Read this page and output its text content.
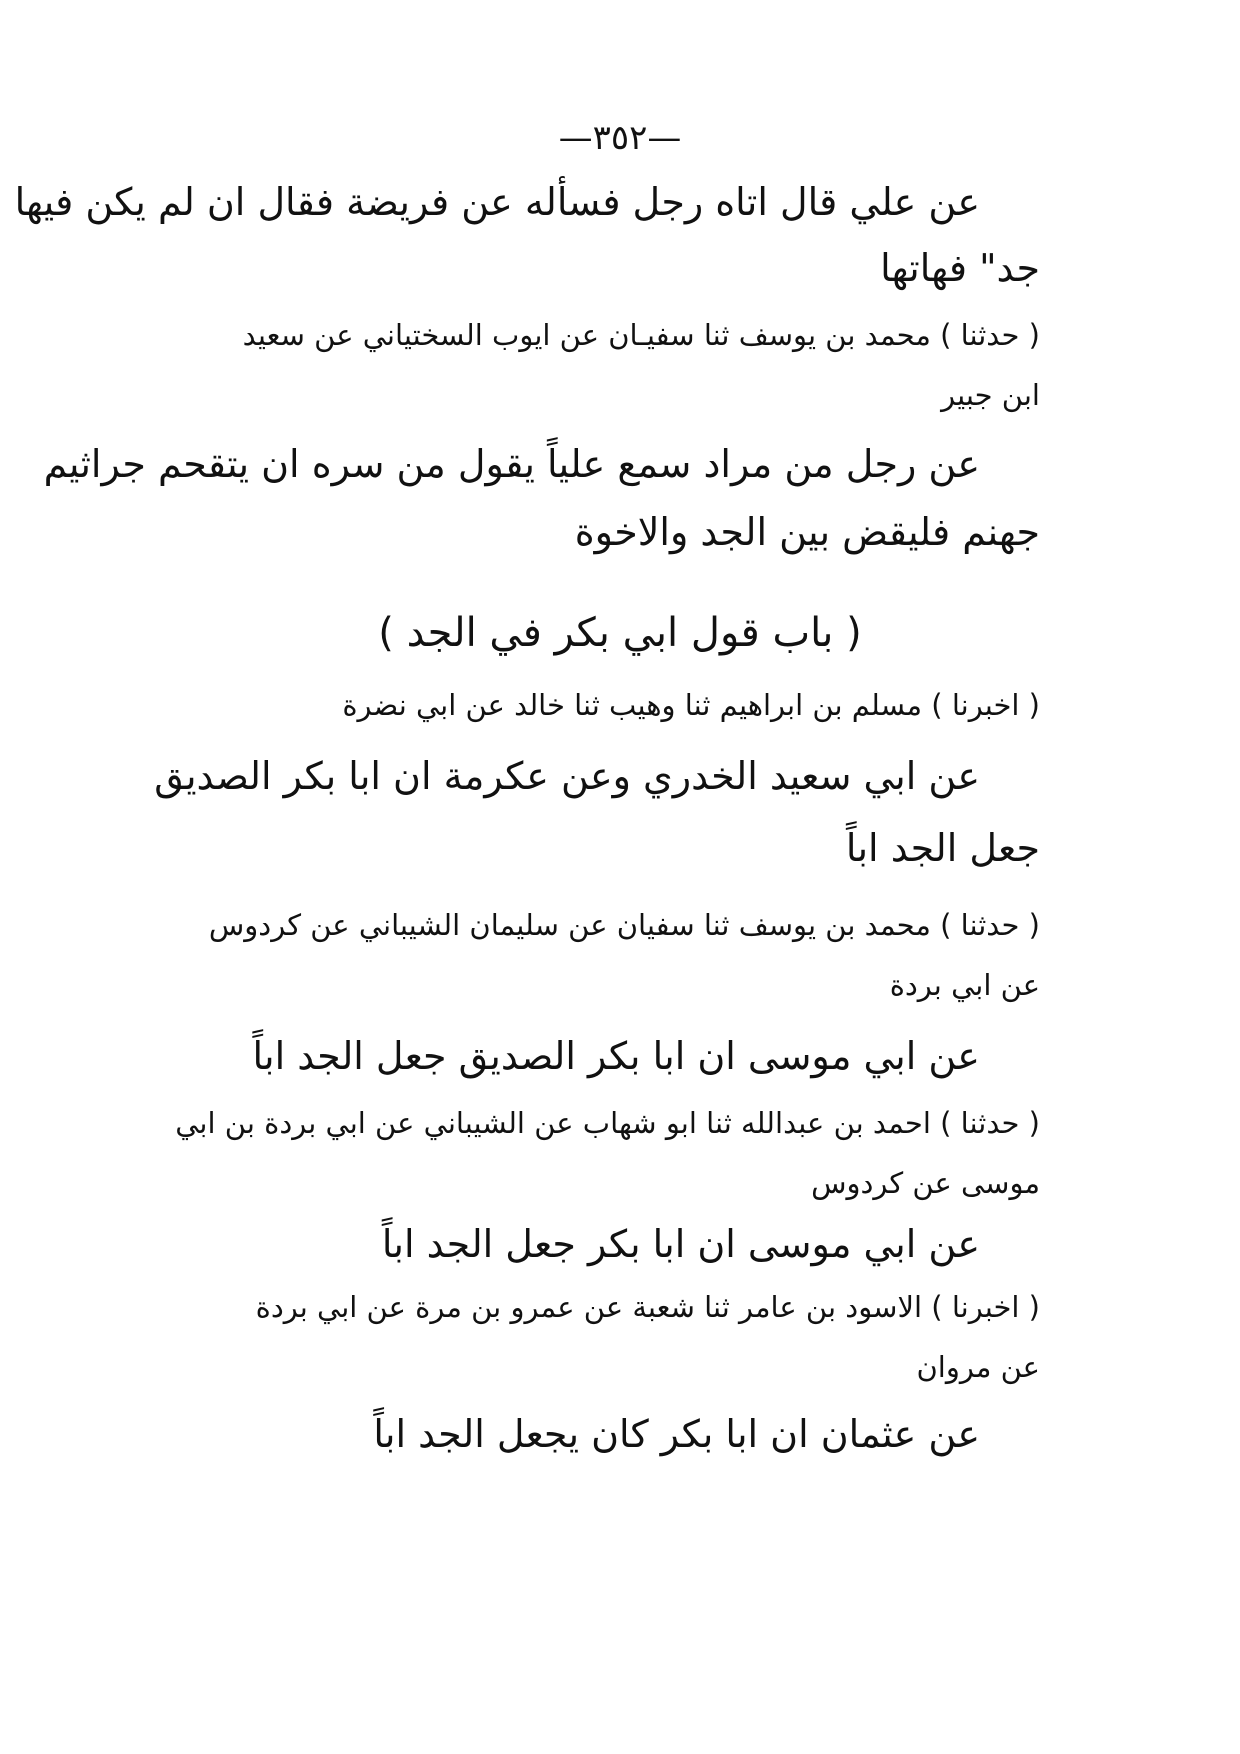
—٣٥٢—
عن علي قال اتاه رجل فسأله عن فريضة فقال ان لم يكن فيها
جد" فهاتها
( حدثنا ) محمد بن يوسف ثنا سفيـان عن ايوب السختياني عن سعيد
ابن جبير
عن رجل من مراد سمع علياً يقول من سره ان يتقحم جراثيم
جهنم فليقض بين الجد والاخوة
( باب قول ابي بكر في الجد )
( اخبرنا ) مسلم بن ابراهيم ثنا وهيب ثنا خالد عن ابي نضرة
عن ابي سعيد الخدري وعن عكرمة ان ابا بكر الصديق
جعل الجد اباً
( حدثنا ) محمد بن يوسف ثنا سفيان عن سليمان الشيباني عن كردوس
عن ابي بردة
عن ابي موسى ان ابا بكر الصديق جعل الجد اباً
( حدثنا ) احمد بن عبدالله ثنا ابو شهاب عن الشيباني عن ابي بردة بن ابي
موسى عن كردوس
عن ابي موسى ان ابا بكر جعل الجد اباً
( اخبرنا ) الاسود بن عامر ثنا شعبة عن عمرو بن مرة عن ابي بردة
عن مروان
عن عثمان ان ابا بكر كان يجعل الجد اباً
